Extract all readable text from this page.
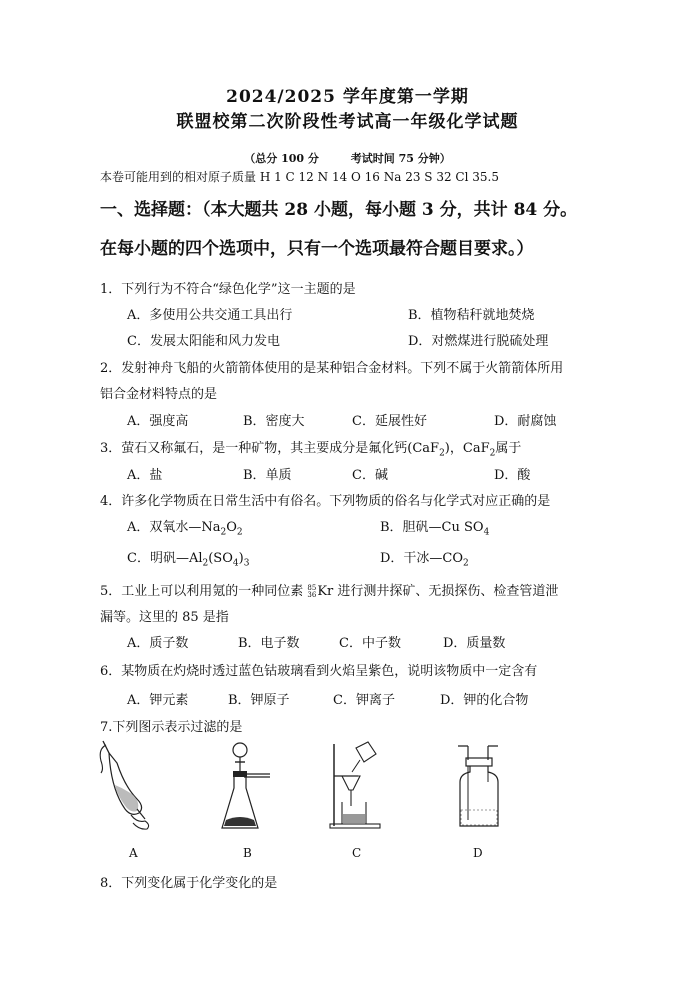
2024/2025 学年度第一学期
联盟校第二次阶段性考试高一年级化学试题
（总分 100 分	考试时间 75 分钟）
本卷可能用到的相对原子质量 H 1 C 12 N 14 O 16 Na 23 S 32 Cl 35.5
一、选择题：（本大题共 28 小题，每小题 3 分，共计 84 分。
在每小题的四个选项中，只有一个选项最符合题目要求。）
1．下列行为不符合“绿色化学”这一主题的是
A．多使用公共交通工具出行	B．植物秸秆就地焚烧
C．发展太阳能和风力发电	D．对燃煤进行脱硫处理
2．发射神舟飞船的火箭箭体使用的是某种铝合金材料。下列不属于火箭箭体所用
铝合金材料特点的是
A．强度高	B．密度大	C．延展性好	D．耐腐蚀
3．萤石又称氟石，是一种矿物，其主要成分是氟化钙(CaF$_2$)，CaF$_2$属于
A．盐	B．单质	C．碱	D．酸
4．许多化学物质在日常生活中有俗名。下列物质的俗名与化学式对应正确的是
A．双氧水$—Na_2O_2$	B．胆矾—Cu $SO_4$
C．明矾$—Al_2(SO_4)_3$	D．干冰$—CO_2$
5．工业上可以利用氪的一种同位素 85
36Kr 进行测井探矿、无损探伤、检查管道泄
漏等。这里的 85 是指
A．质子数	B．电子数	C．中子数	D．质量数
6．某物质在灼烧时透过蓝色钴玻璃看到火焰呈紫色，说明该物质中一定含有
A．钾元素	B．钾原子	C．钾离子	D．钾的化合物
7.下列图示表示过滤的是
A	B	C	D
8．下列变化属于化学变化的是
